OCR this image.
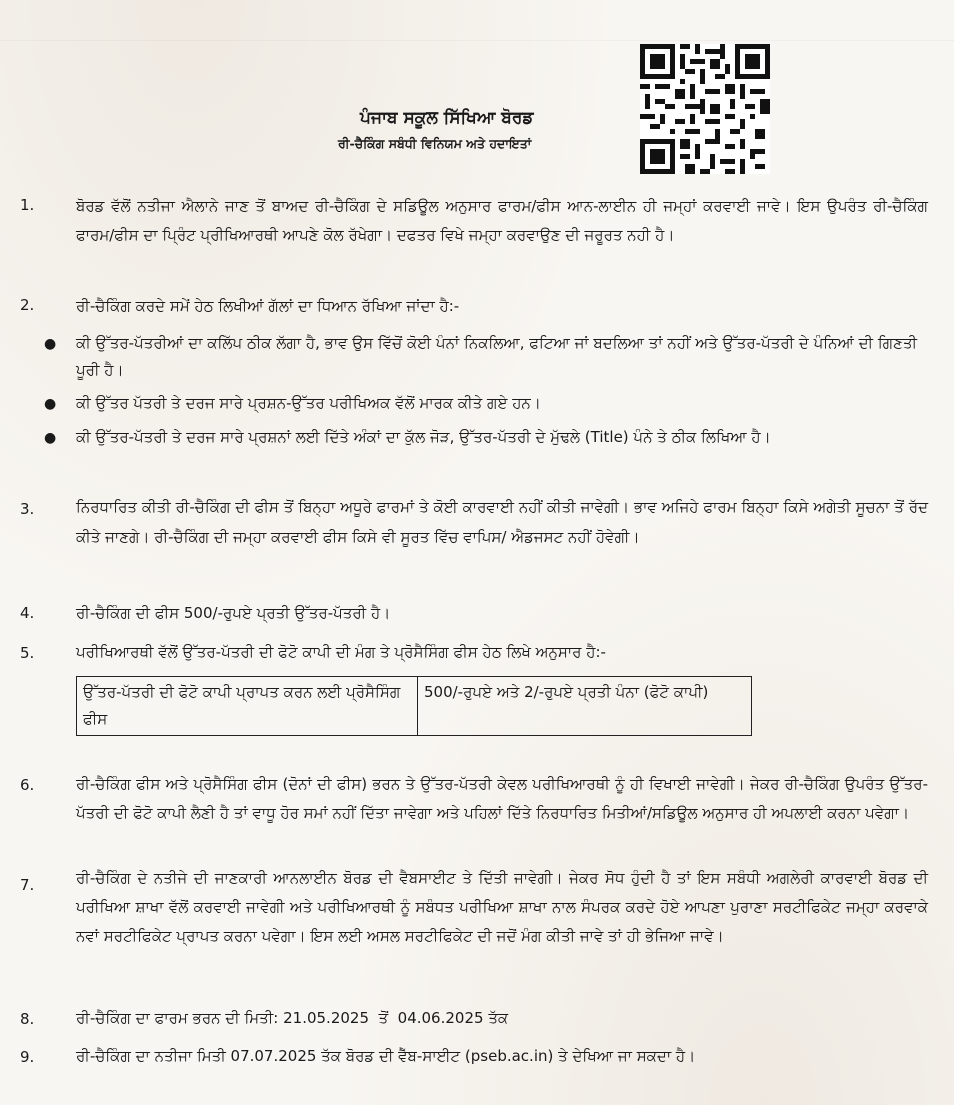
ਪੰਜਾਬ ਸਕੂਲ ਸਿੱਖਿਆ ਬੋਰਡ
ਰੀ-ਚੈਕਿੰਗ ਸਬੰਧੀ ਵਿਨਿਯਮ ਅਤੇ ਹਦਾਇਤਾਂ
1.	ਬੋਰਡ ਵੱਲੋਂ ਨਤੀਜਾ ਐਲਾਨੇ ਜਾਣ ਤੋਂ ਬਾਅਦ ਰੀ-ਚੈਕਿੰਗ ਦੇ ਸਡਿਊਲ ਅਨੁਸਾਰ ਫਾਰਮ/ਫੀਸ ਆਨ-ਲਾਈਨ ਹੀ ਜਮ੍ਹਾਂ ਕਰਵਾਈ ਜਾਵੇ। ਇਸ ਉਪਰੰਤ ਰੀ-ਚੈਕਿੰਗ ਫਾਰਮ/ਫੀਸ ਦਾ ਪ੍ਰਿੰਟ ਪ੍ਰੀਖਿਆਰਥੀ ਆਪਣੇ ਕੋਲ ਰੱਖੇਗਾ। ਦਫਤਰ ਵਿਖੇ ਜਮ੍ਹਾ ਕਰਵਾਉਣ ਦੀ ਜਰੂਰਤ ਨਹੀ ਹੈ।
2.	ਰੀ-ਚੈਕਿੰਗ ਕਰਦੇ ਸਮੇਂ ਹੇਠ ਲਿਖੀਆਂ ਗੱਲਾਂ ਦਾ ਧਿਆਨ ਰੱਖਿਆ ਜਾਂਦਾ ਹੈ:-
● ਕੀ ਉੱਤਰ-ਪੱਤਰੀਆਂ ਦਾ ਕਲਿੱਪ ਠੀਕ ਲੱਗਾ ਹੈ, ਭਾਵ ਉਸ ਵਿੱਚੋਂ ਕੋਈ ਪੰਨਾਂ ਨਿਕਲਿਆ, ਫਟਿਆ ਜਾਂ ਬਦਲਿਆ ਤਾਂ ਨਹੀਂ ਅਤੇ ਉੱਤਰ-ਪੱਤਰੀ ਦੇ ਪੰਨਿਆਂ ਦੀ ਗਿਣਤੀ ਪੂਰੀ ਹੈ।
● ਕੀ ਉੱਤਰ ਪੱਤਰੀ ਤੇ ਦਰਜ ਸਾਰੇ ਪ੍ਰਸ਼ਨ-ਉੱਤਰ ਪਰੀਖਿਅਕ ਵੱਲੋਂ ਮਾਰਕ ਕੀਤੇ ਗਏ ਹਨ।
● ਕੀ ਉੱਤਰ-ਪੱਤਰੀ ਤੇ ਦਰਜ ਸਾਰੇ ਪ੍ਰਸ਼ਨਾਂ ਲਈ ਦਿੱਤੇ ਅੰਕਾਂ ਦਾ ਕੁੱਲ ਜੋੜ, ਉੱਤਰ-ਪੱਤਰੀ ਦੇ ਮੁੱਢਲੇ (Title) ਪੰਨੇ ਤੇ ਠੀਕ ਲਿਖਿਆ ਹੈ।
3.	ਨਿਰਧਾਰਿਤ ਕੀਤੀ ਰੀ-ਚੈਕਿੰਗ ਦੀ ਫੀਸ ਤੋਂ ਬਿਨ੍ਹਾ ਅਧੂਰੇ ਫਾਰਮਾਂ ਤੇ ਕੋਈ ਕਾਰਵਾਈ ਨਹੀਂ ਕੀਤੀ ਜਾਵੇਗੀ। ਭਾਵ ਅਜਿਹੇ ਫਾਰਮ ਬਿਨ੍ਹਾ ਕਿਸੇ ਅਗੇਤੀ ਸੂਚਨਾ ਤੋਂ ਰੱਦ ਕੀਤੇ ਜਾਣਗੇ। ਰੀ-ਚੈਕਿੰਗ ਦੀ ਜਮ੍ਹਾ ਕਰਵਾਈ ਫੀਸ ਕਿਸੇ ਵੀ ਸੂਰਤ ਵਿੱਚ ਵਾਪਿਸ/ ਐਡਜਸਟ ਨਹੀਂ ਹੋਵੇਗੀ।
4.	ਰੀ-ਚੈਕਿੰਗ ਦੀ ਫੀਸ 500/-ਰੁਪਏ ਪ੍ਰਤੀ ਉੱਤਰ-ਪੱਤਰੀ ਹੈ।
5.	ਪਰੀਖਿਆਰਥੀ ਵੱਲੋਂ ਉੱਤਰ-ਪੱਤਰੀ ਦੀ ਫੋਟੋ ਕਾਪੀ ਦੀ ਮੰਗ ਤੇ ਪ੍ਰੋਸੈਸਿੰਗ ਫੀਸ ਹੇਠ ਲਿਖੇ ਅਨੁਸਾਰ ਹੈ:-
ਉੱਤਰ-ਪੱਤਰੀ ਦੀ ਫੋਟੋ ਕਾਪੀ ਪ੍ਰਾਪਤ ਕਰਨ ਲਈ ਪ੍ਰੋਸੈਸਿੰਗ ਫੀਸ	500/-ਰੁਪਏ ਅਤੇ 2/-ਰੁਪਏ ਪ੍ਰਤੀ ਪੰਨਾ (ਫੋਟੋ ਕਾਪੀ)
6.	ਰੀ-ਚੈਕਿੰਗ ਫੀਸ ਅਤੇ ਪ੍ਰੋਸੈਸਿੰਗ ਫੀਸ (ਦੋਨਾਂ ਦੀ ਫੀਸ) ਭਰਨ ਤੇ ਉੱਤਰ-ਪੱਤਰੀ ਕੇਵਲ ਪਰੀਖਿਆਰਥੀ ਨੂੰ ਹੀ ਵਿਖਾਈ ਜਾਵੇਗੀ। ਜੇਕਰ ਰੀ-ਚੈਕਿੰਗ ਉਪਰੰਤ ਉੱਤਰ-ਪੱਤਰੀ ਦੀ ਫੋਟੋ ਕਾਪੀ ਲੈਣੀ ਹੈ ਤਾਂ ਵਾਧੂ ਹੋਰ ਸਮਾਂ ਨਹੀਂ ਦਿੱਤਾ ਜਾਵੇਗਾ ਅਤੇ ਪਹਿਲਾਂ ਦਿੱਤੇ ਨਿਰਧਾਰਿਤ ਮਿਤੀਆਂ/ਸਡਿਊਲ ਅਨੁਸਾਰ ਹੀ ਅਪਲਾਈ ਕਰਨਾ ਪਵੇਗਾ।
7.	ਰੀ-ਚੈਕਿੰਗ ਦੇ ਨਤੀਜੇ ਦੀ ਜਾਣਕਾਰੀ ਆਨਲਾਈਨ ਬੋਰਡ ਦੀ ਵੈਬਸਾਈਟ ਤੇ ਦਿੱਤੀ ਜਾਵੇਗੀ। ਜੇਕਰ ਸੋਧ ਹੁੰਦੀ ਹੈ ਤਾਂ ਇਸ ਸਬੰਧੀ ਅਗਲੇਰੀ ਕਾਰਵਾਈ ਬੋਰਡ ਦੀ ਪਰੀਖਿਆ ਸ਼ਾਖਾ ਵੱਲੋਂ ਕਰਵਾਈ ਜਾਵੇਗੀ ਅਤੇ ਪਰੀਖਿਆਰਥੀ ਨੂੰ ਸਬੰਧਤ ਪਰੀਖਿਆ ਸ਼ਾਖਾ ਨਾਲ ਸੰਪਰਕ ਕਰਦੇ ਹੋਏ ਆਪਣਾ ਪੁਰਾਣਾ ਸਰਟੀਫਿਕੇਟ ਜਮ੍ਹਾ ਕਰਵਾਕੇ ਨਵਾਂ ਸਰਟੀਫਿਕੇਟ ਪ੍ਰਾਪਤ ਕਰਨਾ ਪਵੇਗਾ। ਇਸ ਲਈ ਅਸਲ ਸਰਟੀਫਿਕੇਟ ਦੀ ਜਦੋਂ ਮੰਗ ਕੀਤੀ ਜਾਵੇ ਤਾਂ ਹੀ ਭੇਜਿਆ ਜਾਵੇ।
8.	ਰੀ-ਚੈਕਿੰਗ ਦਾ ਫਾਰਮ ਭਰਨ ਦੀ ਮਿਤੀ: 21.05.2025  ਤੋਂ  04.06.2025 ਤੱਕ
9.	ਰੀ-ਚੈਕਿੰਗ ਦਾ ਨਤੀਜਾ ਮਿਤੀ 07.07.2025 ਤੱਕ ਬੋਰਡ ਦੀ ਵੈੱਬ-ਸਾਈਟ (pseb.ac.in) ਤੇ ਦੇਖਿਆ ਜਾ ਸਕਦਾ ਹੈ।
